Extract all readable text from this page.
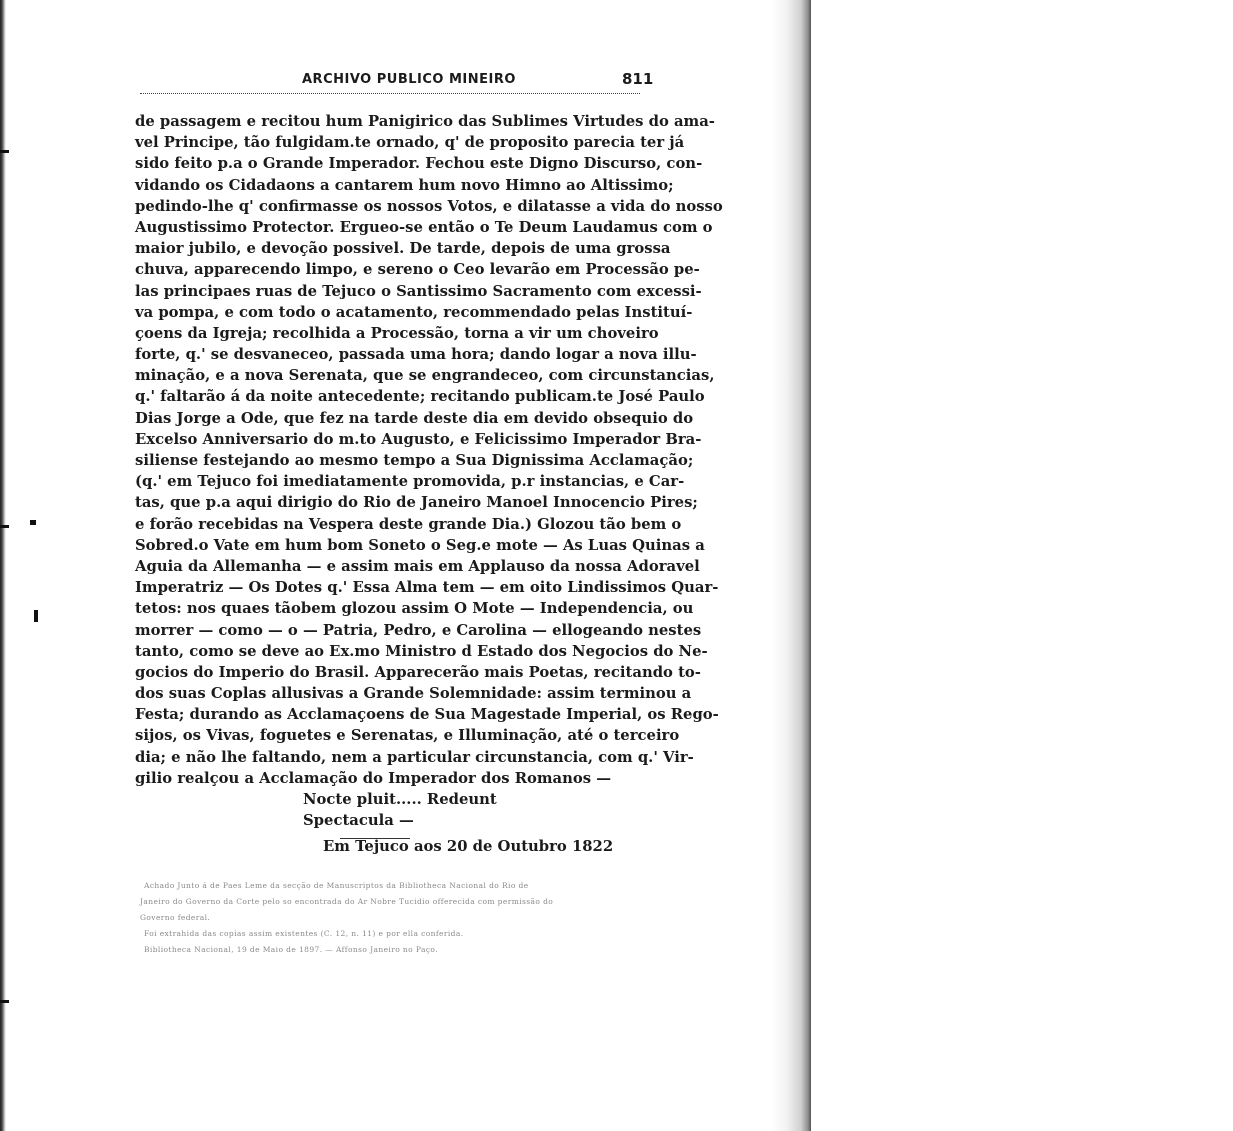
ARCHIVO PUBLICO MINEIRO	811
de passagem e recitou hum Panigirico das Sublimes Virtudes do ama-
vel Principe, tão fulgidam.te ornado, q' de proposito parecia ter já
sido feito p.a o Grande Imperador. Fechou este Digno Discurso, con-
vidando os Cidadaons a cantarem hum novo Himno ao Altissimo;
pedindo-lhe q' confirmasse os nossos Votos, e dilatasse a vida do nosso
Augustissimo Protector. Ergueo-se então o Te Deum Laudamus com o
maior jubilo, e devoção possivel. De tarde, depois de uma grossa
chuva, apparecendo limpo, e sereno o Ceo levarão em Processão pe-
las principaes ruas de Tejuco o Santissimo Sacramento com excessi-
va pompa, e com todo o acatamento, recommendado pelas Instituí-
çoens da Igreja; recolhida a Processão, torna a vir um choveiro
forte, q.' se desvaneceo, passada uma hora; dando logar a nova illu-
minação, e a nova Serenata, que se engrandeceo, com circunstancias,
q.' faltarão á da noite antecedente; recitando publicam.te José Paulo
Dias Jorge a Ode, que fez na tarde deste dia em devido obsequio do
Excelso Anniversario do m.to Augusto, e Felicissimo Imperador Bra-
siliense festejando ao mesmo tempo a Sua Dignissima Acclamação;
(q.' em Tejuco foi imediatamente promovida, p.r instancias, e Car-
tas, que p.a aqui dirigio do Rio de Janeiro Manoel Innocencio Pires;
e forão recebidas na Vespera deste grande Dia.) Glozou tão bem o
Sobred.o Vate em hum bom Soneto o Seg.e mote — As Luas Quinas a
Aguia da Allemanha — e assim mais em Applauso da nossa Adoravel
Imperatriz — Os Dotes q.' Essa Alma tem — em oito Lindissimos Quar-
tetos: nos quaes tãobem glozou assim O Mote — Independencia, ou
morrer — como — o — Patria, Pedro, e Carolina — ellogeando nestes
tanto, como se deve ao Ex.mo Ministro d Estado dos Negocios do Ne-
gocios do Imperio do Brasil. Apparecerão mais Poetas, recitando to-
dos suas Coplas allusivas a Grande Solemnidade: assim terminou a
Festa; durando as Acclamaçoens de Sua Magestade Imperial, os Rego-
sijos, os Vivas, foguetes e Serenatas, e Illuminação, até o terceiro
dia; e não lhe faltando, nem a particular circunstancia, com q.' Vir-
gilio realçou a Acclamação do Imperador dos Romanos —
Nocte pluit..... Redeunt
Spectacula —
Em Tejuco aos 20 de Outubro 1822
Achado Junto á de Paes Leme da secção de Manuscriptos da Bibliotheca Nacional do Rio de
Janeiro do Governo da Corte pelo so encontrada do Ar Nobre Tucidio offerecida com permissão do
Governo federal.
Foi extrahida das copias assim existentes (C. 12, n. 11) e por ella conferida.
Bibliotheca Nacional, 19 de Maio de 1897. — Affonso Janeiro no Paço.
